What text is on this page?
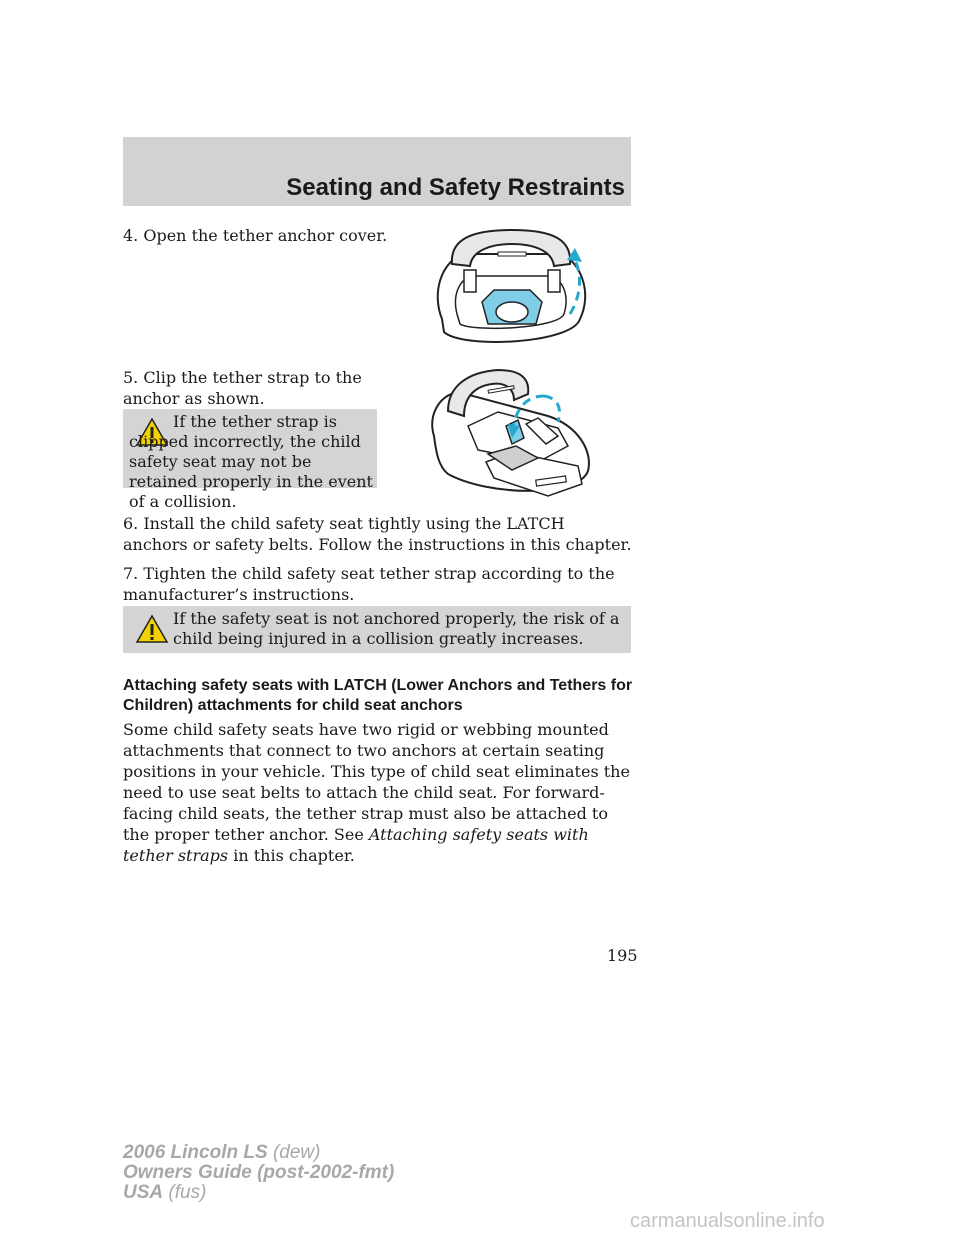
Seating and Safety Restraints

4. Open the tether anchor cover.

5. Clip the tether strap to the anchor as shown.

If the tether strap is clipped incorrectly, the child safety seat may not be retained properly in the event of a collision.

6. Install the child safety seat tightly using the LATCH anchors or safety belts. Follow the instructions in this chapter.

7. Tighten the child safety seat tether strap according to the manufacturer’s instructions.

If the safety seat is not anchored properly, the risk of a child being injured in a collision greatly increases.

Attaching safety seats with LATCH (Lower Anchors and Tethers for Children) attachments for child seat anchors

Some child safety seats have two rigid or webbing mounted attachments that connect to two anchors at certain seating positions in your vehicle. This type of child seat eliminates the need to use seat belts to attach the child seat. For forward-facing child seats, the tether strap must also be attached to the proper tether anchor. See Attaching safety seats with tether straps in this chapter.

195
2006 Lincoln LS (dew)
Owners Guide (post-2002-fmt)
USA (fus)
carmanualsonline.info
